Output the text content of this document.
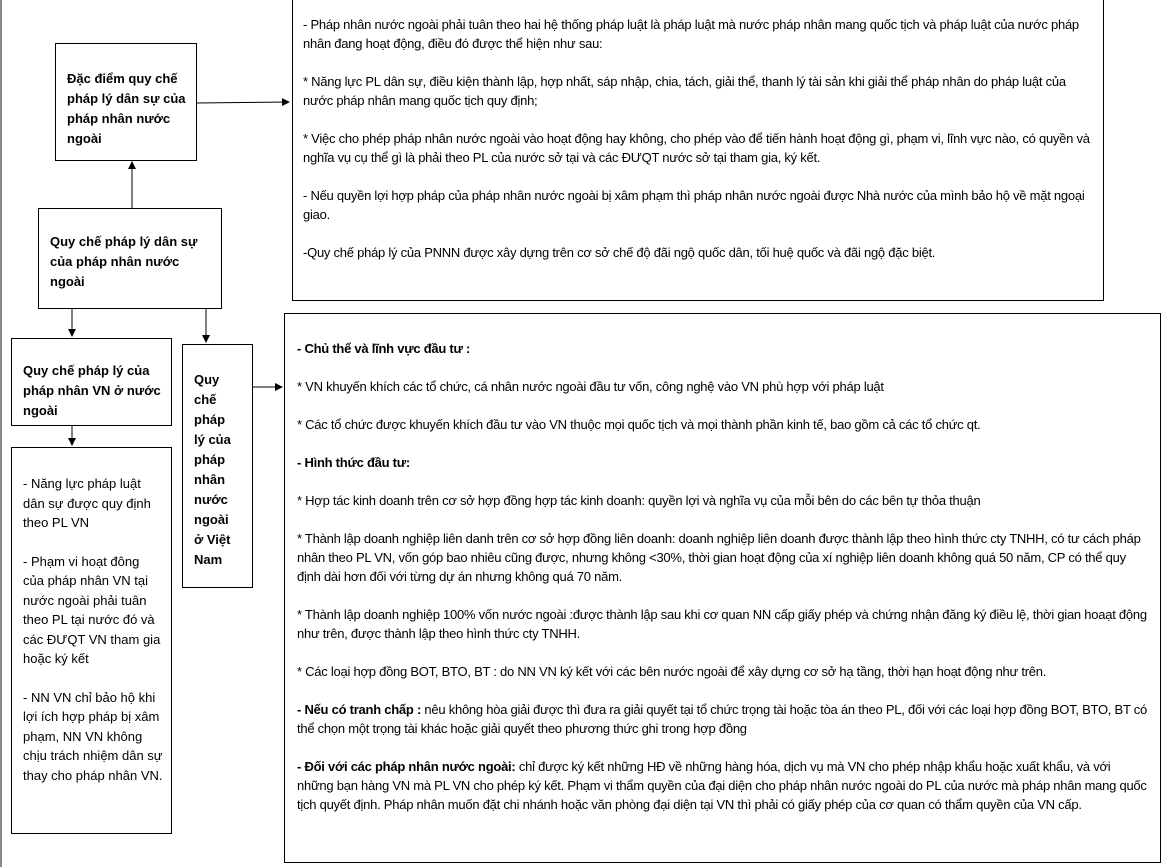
- Pháp nhân nước ngoài phải tuân theo hai hệ thống pháp luật là pháp luật mà nước pháp nhân mang quốc tịch và pháp luật của nước pháp nhân đang hoạt động, điều đó được thể hiện như sau:

* Năng lực PL dân sự, điều kiện thành lập, hợp nhất, sáp nhập, chia, tách, giải thể, thanh lý tài sản khi giải thể pháp nhân do pháp luật của nước pháp nhân mang quốc tịch quy định;

* Việc cho phép pháp nhân nước ngoài vào hoạt động hay không, cho phép vào để tiến hành hoạt động gì, phạm vi, lĩnh vực nào, có quyền và nghĩa vụ cụ thể gì là phải theo PL của nước sở tại và các ĐƯQT nước sở tại tham gia, ký kết.

- Nếu quyền lợi hợp pháp của pháp nhân nước ngoài bị xâm phạm thì pháp nhân nước ngoài được Nhà nước của mình bảo hộ về mặt ngoại giao.

-Quy chế pháp lý của PNNN được xây dựng trên cơ sở chế độ đãi ngộ quốc dân, tối huệ quốc và đãi ngộ đặc biệt.

Đặc điểm quy chế pháp lý dân sự của pháp nhân nước ngoài
Quy chế pháp lý dân sự của pháp nhân nước ngoài
Quy chế pháp lý của pháp nhân VN ở nước ngoài
Quy chế pháp lý của pháp nhân nước ngoài ở Việt Nam

- Năng lực pháp luật dân sự được quy định theo PL VN

- Phạm vi hoạt đông của pháp nhân VN tại nước ngoài phải tuân theo PL tại nước đó và các ĐƯQT VN tham gia hoặc ký kết

- NN VN chỉ bảo hộ khi lợi ích hợp pháp bị xâm phạm, NN VN không chịu trách nhiệm dân sự thay cho pháp nhân VN.

- Chủ thể và lĩnh vực đầu tư :

* VN khuyến khích các tổ chức, cá nhân nước ngoài đầu tư vốn, công nghệ vào VN phù hợp với pháp luật

* Các tổ chức được khuyến khích đầu tư vào VN thuộc mọi quốc tịch và mọi thành phần kinh tế, bao gồm cả các tổ chức qt.

- Hình thức đầu tư:

* Hợp tác kinh doanh trên cơ sở hợp đồng hợp tác kinh doanh: quyền lợi và nghĩa vụ của mỗi bên do các bên tự thỏa thuận

* Thành lập doanh nghiệp liên danh trên cơ sở hợp đồng liên doanh: doanh nghiệp liên doanh được thành lập theo hình thức cty TNHH, có tư cách pháp nhân theo PL VN, vốn góp bao nhiêu cũng được, nhưng không <30%, thời gian hoạt động của xí nghiệp liên doanh không quá 50 năm, CP có thể quy định dài hơn đối với từng dự án nhưng không quá 70 năm.

* Thành lập doanh nghiệp 100% vốn nước ngoài :được thành lập sau khi cơ quan NN cấp giấy phép và chứng nhận đăng ký điều lệ, thời gian hoaạt động như trên, được thành lập theo hình thức cty TNHH.

* Các loại hợp đồng BOT, BTO, BT : do NN VN ký kết với các bên nước ngoài để xây dựng cơ sở hạ tầng, thời hạn hoạt động như trên.

- Nếu có tranh chấp : nêu không hòa giải được thì đưa ra giải quyết tại tổ chức trọng tài hoặc tòa án theo PL, đối với các loại hợp đồng BOT, BTO, BT có thể chọn một trọng tài khác hoặc giải quyết theo phương thức ghi trong hợp đồng

- Đối với các pháp nhân nước ngoài: chỉ được ký kết những HĐ về những hàng hóa, dịch vụ mà VN cho phép nhập khẩu hoặc xuất khẩu, và với những bạn hàng VN mà PL VN cho phép ký kết. Phạm vi thẩm quyền của đại diện cho pháp nhân nước ngoài do PL của nước mà pháp nhân mang quốc tịch quyết định. Pháp nhân muốn đặt chi nhánh hoặc văn phòng đại diện tại VN thì phải có giấy phép của cơ quan có thẩm quyền của VN cấp.
